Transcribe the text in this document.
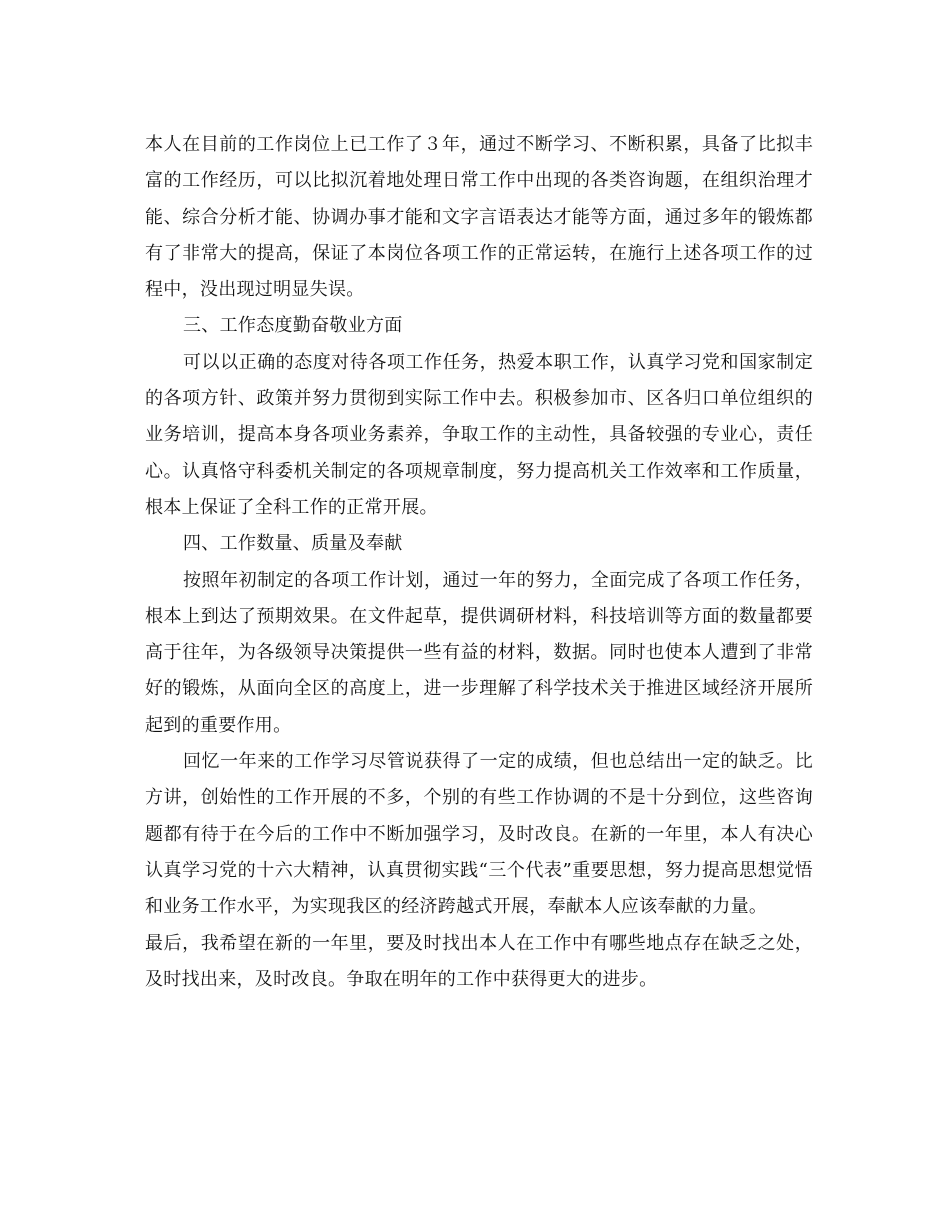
本人在目前的工作岗位上已工作了３年，通过不断学习、不断积累，具备了比拟丰富的工作经历，可以比拟沉着地处理日常工作中出现的各类咨询题，在组织治理才能、综合分析才能、协调办事才能和文字言语表达才能等方面，通过多年的锻炼都有了非常大的提高，保证了本岗位各项工作的正常运转，在施行上述各项工作的过程中，没出现过明显失误。

三、工作态度勤奋敬业方面

可以以正确的态度对待各项工作任务，热爱本职工作，认真学习党和国家制定的各项方针、政策并努力贯彻到实际工作中去。积极参加市、区各归口单位组织的业务培训，提高本身各项业务素养，争取工作的主动性，具备较强的专业心，责任心。认真恪守科委机关制定的各项规章制度，努力提高机关工作效率和工作质量，根本上保证了全科工作的正常开展。

四、工作数量、质量及奉献

按照年初制定的各项工作计划，通过一年的努力，全面完成了各项工作任务，根本上到达了预期效果。在文件起草，提供调研材料，科技培训等方面的数量都要高于往年，为各级领导决策提供一些有益的材料，数据。同时也使本人遭到了非常好的锻炼，从面向全区的高度上，进一步理解了科学技术关于推进区域经济开展所起到的重要作用。

回忆一年来的工作学习尽管说获得了一定的成绩，但也总结出一定的缺乏。比方讲，创始性的工作开展的不多，个别的有些工作协调的不是十分到位，这些咨询题都有待于在今后的工作中不断加强学习，及时改良。在新的一年里，本人有决心认真学习党的十六大精神，认真贯彻实践“三个代表”重要思想，努力提高思想觉悟和业务工作水平，为实现我区的经济跨越式开展，奉献本人应该奉献的力量。

最后，我希望在新的一年里，要及时找出本人在工作中有哪些地点存在缺乏之处，及时找出来，及时改良。争取在明年的工作中获得更大的进步。
